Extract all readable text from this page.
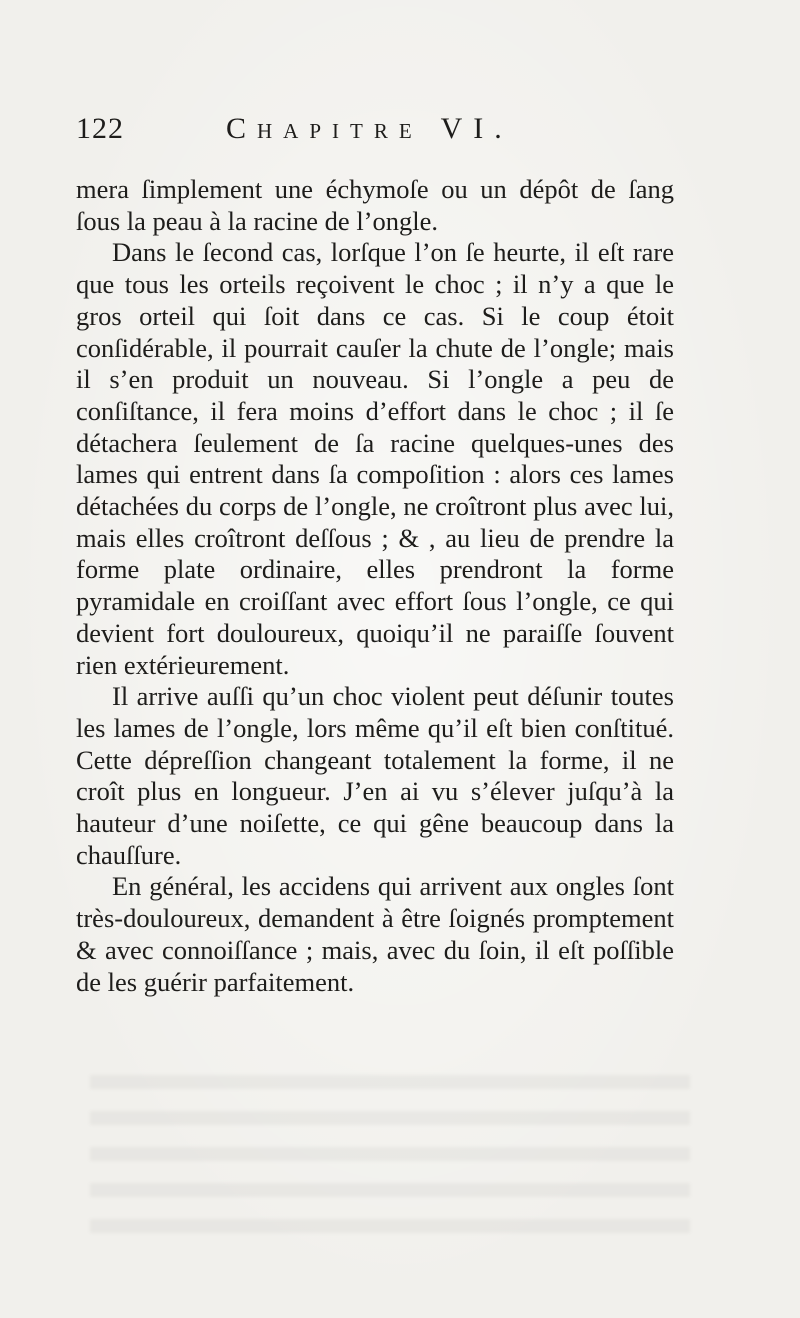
122	Chapitre VI.

mera ſimplement une échymoſe ou un dépôt de ſang ſous la peau à la racine de l’ongle.

Dans le ſecond cas, lorſque l’on ſe heurte, il eſt rare que tous les orteils reçoivent le choc ; il n’y a que le gros orteil qui ſoit dans ce cas. Si le coup étoit conſidérable, il pourrait cauſer la chute de l’ongle; mais il s’en produit un nouveau. Si l’ongle a peu de conſiſtance, il fera moins d’effort dans le choc ; il ſe détachera ſeulement de ſa racine quelques-unes des lames qui entrent dans ſa compoſition : alors ces lames détachées du corps de l’ongle, ne croîtront plus avec lui, mais elles croîtront deſſous ; & , au lieu de prendre la forme plate ordinaire, elles prendront la forme pyramidale en croiſſant avec effort ſous l’ongle, ce qui devient fort douloureux, quoiqu’il ne paraiſſe ſouvent rien extérieurement.

Il arrive auſſi qu’un choc violent peut déſunir toutes les lames de l’ongle, lors même qu’il eſt bien conſtitué. Cette dépreſſion changeant totalement la forme, il ne croît plus en longueur. J’en ai vu s’élever juſqu’à la hauteur d’une noiſette, ce qui gêne beaucoup dans la chauſſure.

En général, les accidens qui arrivent aux ongles ſont très-douloureux, demandent à être ſoignés promptement & avec connoiſſance ; mais, avec du ſoin, il eſt poſſible de les guérir parfaitement.
